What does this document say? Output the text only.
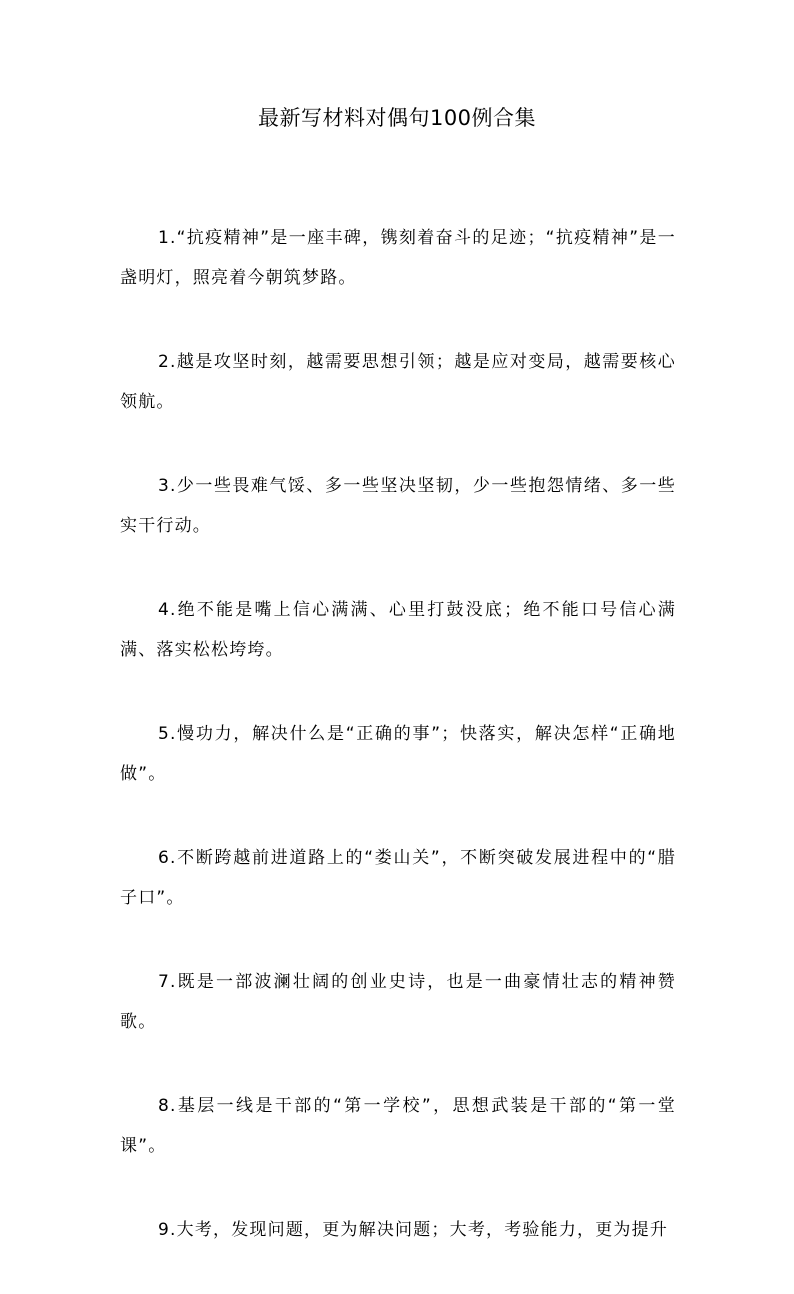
最新写材料对偶句100例合集
1.“抗疫精神”是一座丰碑，镌刻着奋斗的足迹；“抗疫精神”是一盏明灯，照亮着今朝筑梦路。
2.越是攻坚时刻，越需要思想引领；越是应对变局，越需要核心领航。
3.少一些畏难气馁、多一些坚决坚韧，少一些抱怨情绪、多一些实干行动。
4.绝不能是嘴上信心满满、心里打鼓没底；绝不能口号信心满满、落实松松垮垮。
5.慢功力，解决什么是“正确的事”；快落实，解决怎样“正确地做”。
6.不断跨越前进道路上的“娄山关”，不断突破发展进程中的“腊子口”。
7.既是一部波澜壮阔的创业史诗，也是一曲豪情壮志的精神赞歌。
8.基层一线是干部的“第一学校”，思想武装是干部的“第一堂课”。
9.大考，发现问题，更为解决问题；大考，考验能力，更为提升
